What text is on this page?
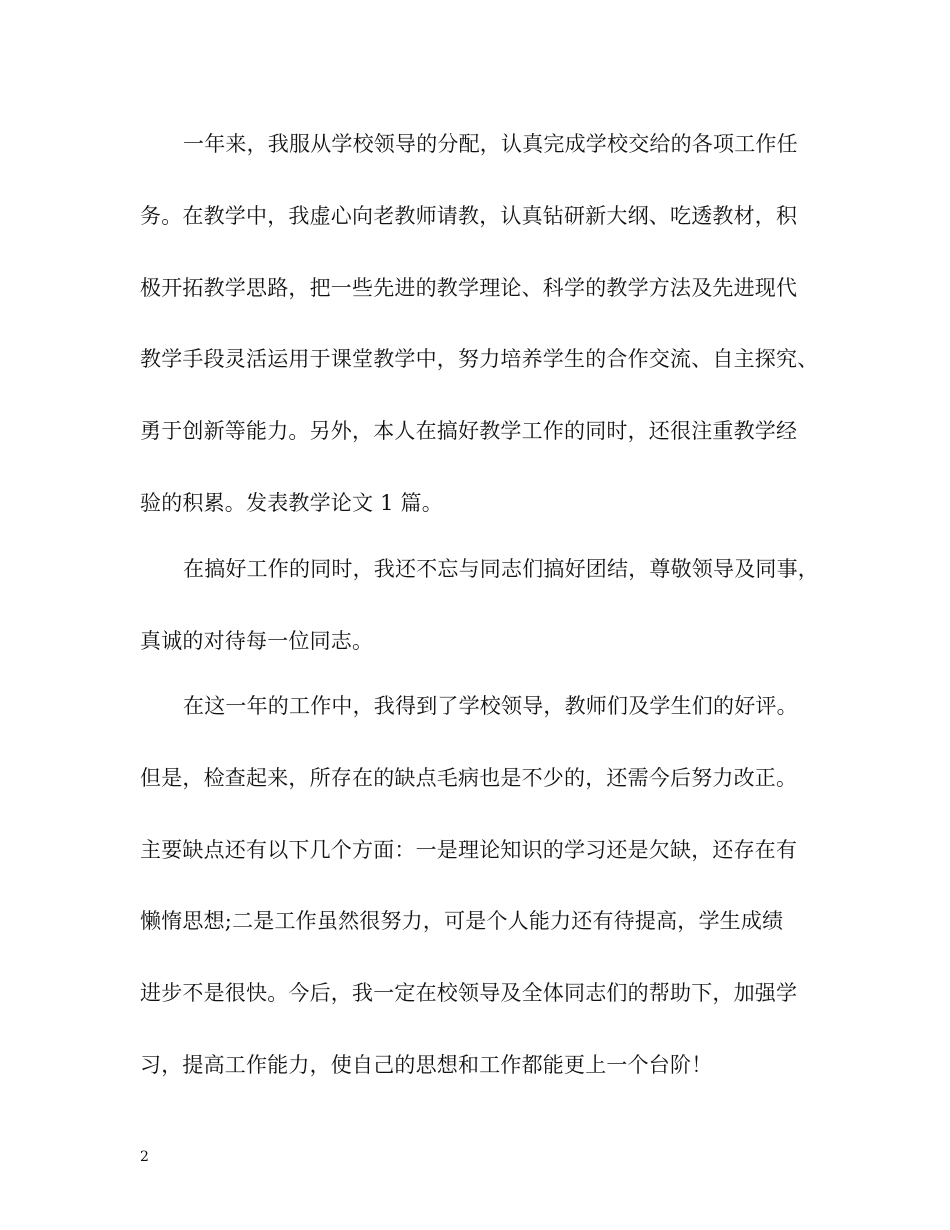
一年来，我服从学校领导的分配，认真完成学校交给的各项工作任
务。在教学中，我虚心向老教师请教，认真钻研新大纲、吃透教材，积
极开拓教学思路，把一些先进的教学理论、科学的教学方法及先进现代
教学手段灵活运用于课堂教学中，努力培养学生的合作交流、自主探究、
勇于创新等能力。另外，本人在搞好教学工作的同时，还很注重教学经
验的积累。发表教学论文 1 篇。
在搞好工作的同时，我还不忘与同志们搞好团结，尊敬领导及同事，
真诚的对待每一位同志。
在这一年的工作中，我得到了学校领导，教师们及学生们的好评。
但是，检查起来，所存在的缺点毛病也是不少的，还需今后努力改正。
主要缺点还有以下几个方面：一是理论知识的学习还是欠缺，还存在有
懒惰思想;二是工作虽然很努力，可是个人能力还有待提高，学生成绩
进步不是很快。今后，我一定在校领导及全体同志们的帮助下，加强学
习，提高工作能力，使自己的思想和工作都能更上一个台阶！
2
